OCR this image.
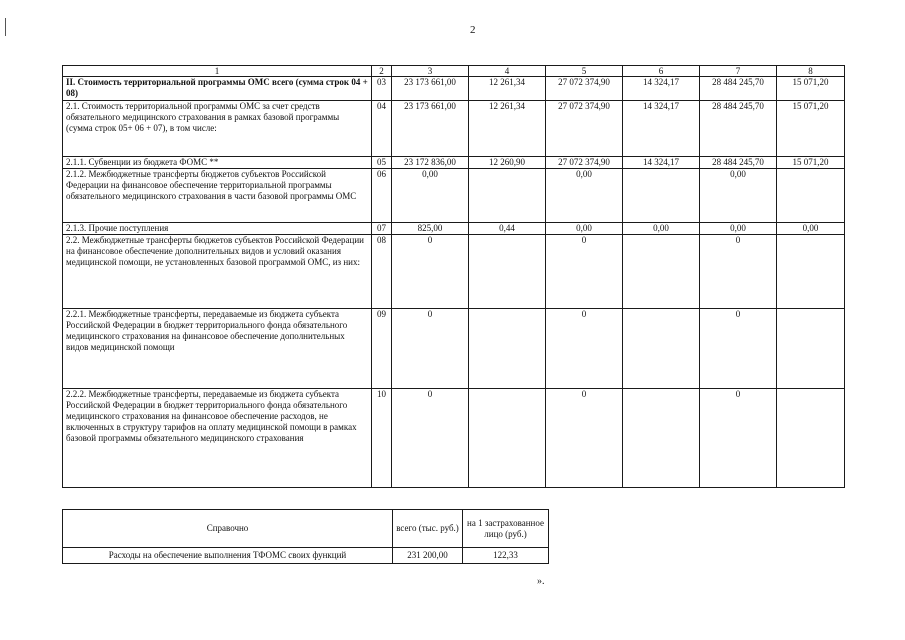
2
1	2	3	4	5	6	7	8
II. Стоимость территориальной программы ОМС всего (сумма строк 04 + 08)	03	23 173 661,00	12 261,34	27 072 374,90	14 324,17	28 484 245,70	15 071,20
2.1. Стоимость территориальной программы ОМС за счет средств обязательного медицинского страхования в рамках базовой программы (сумма строк 05+ 06 + 07), в том числе:	04	23 173 661,00	12 261,34	27 072 374,90	14 324,17	28 484 245,70	15 071,20
2.1.1. Субвенции из бюджета ФОМС **	05	23 172 836,00	12 260,90	27 072 374,90	14 324,17	28 484 245,70	15 071,20
2.1.2. Межбюджетные трансферты бюджетов субъектов Российской Федерации на финансовое обеспечение территориальной программы обязательного медицинского страхования в части базовой программы ОМС	06	0,00		0,00		0,00	
2.1.3. Прочие поступления	07	825,00	0,44	0,00	0,00	0,00	0,00
2.2. Межбюджетные трансферты бюджетов субъектов Российской Федерации на финансовое обеспечение дополнительных видов и условий оказания медицинской помощи, не установленных базовой программой ОМС, из них:	08	0		0		0	
2.2.1. Межбюджетные трансферты, передаваемые из бюджета субъекта Российской Федерации в бюджет территориального фонда обязательного медицинского страхования на финансовое обеспечение дополнительных видов медицинской помощи	09	0		0		0	
2.2.2. Межбюджетные трансферты, передаваемые из бюджета субъекта Российской Федерации в бюджет территориального фонда обязательного медицинского страхования на финансовое обеспечение расходов, не включенных в структуру тарифов на оплату медицинской помощи в рамках базовой программы обязательного медицинского страхования	10	0		0		0	
Справочно	всего (тыс. руб.)	на 1 застрахованное лицо (руб.)
Расходы на обеспечение выполнения ТФОМС своих функций	231 200,00	122,33
».
